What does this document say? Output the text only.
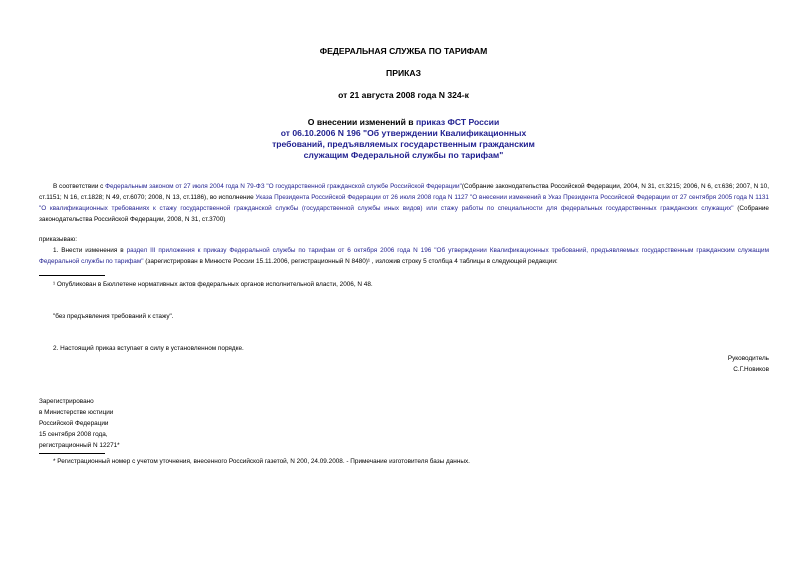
ФЕДЕРАЛЬНАЯ СЛУЖБА ПО ТАРИФАМ
ПРИКАЗ
от 21 августа 2008 года N 324-к
О внесении изменений в приказ ФСТ России
от 06.10.2006 N 196 "Об утверждении Квалификационных
требований, предъявляемых государственным гражданским
служащим Федеральной службы по тарифам"
В соответствии с Федеральным законом от 27 июля 2004 года N 79-ФЗ "О государственной гражданской службе Российской Федерации"(Собрание законодательства Российской Федерации, 2004, N 31, ст.3215; 2006, N 6, ст.636; 2007, N 10, ст.1151; N 16, ст.1828; N 49, ст.6070; 2008, N 13, ст.1186), во исполнение Указа Президента Российской Федерации от 26 июля 2008 года N 1127 "О внесении изменений в Указ Президента Российской Федерации от 27 сентября 2005 года N 1131 "О квалификационных требованиях к стажу государственной гражданской службы (государственной службы иных видов) или стажу работы по специальности для федеральных государственных гражданских служащих" (Собрание законодательства Российской Федерации, 2008, N 31, ст.3700)
приказываю:
1. Внести изменения в раздел III приложения к приказу Федеральной службы по тарифам от 6 октября 2006 года N 196 "Об утверждении Квалификационных требований, предъявляемых государственным гражданским служащим Федеральной службы по тарифам" (зарегистрирован в Минюсте России 15.11.2006, регистрационный N 8480)¹ , изложив строку 5 столбца 4 таблицы в следующей редакции:
¹ Опубликован в Бюллетене нормативных актов федеральных органов исполнительной власти, 2006, N 48.
"без предъявления требований к стажу".
2. Настоящий приказ вступает в силу в установленном порядке.
Руководитель
С.Г.Новиков
Зарегистрировано
в Министерстве юстиции
Российской Федерации
15 сентября 2008 года,
регистрационный N 12271*
* Регистрационный номер с учетом уточнения, внесенного Российской газетой, N 200, 24.09.2008. - Примечание изготовителя базы данных.
